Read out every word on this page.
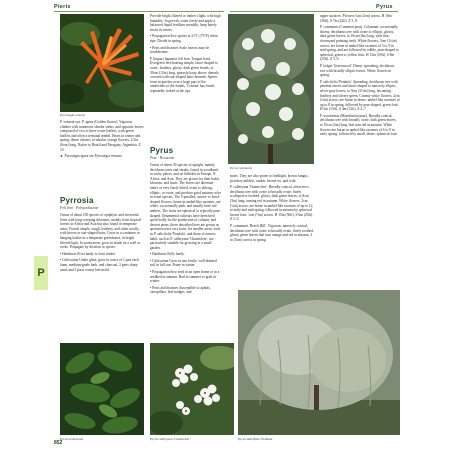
Pieris	Pyrus
P
Pyrostegia venusta

P. venusta syn. P. ignea (Golden flower). Vigorous climber with numerous slender stems, and opposite leaves composed of two to three ovate leaflets, with green leaflets and often a terminal tendril. Bears in winter and spring, dense clusters of tubular, orange flowers, 2.5in (6cm) long. Native to Brazil and Paraguay, Argentina. Z 10.

► Pyrostegia ignea see Pyrostegia venusta

Pyrrosia
Felt fern · Polypodiaceae

Genus of about 100 species of epiphytic and terrestrial ferns with long-creeping rhizomes, mainly from tropical forests in Africa and Asia but also found in temperate areas. Fronds simple, tough, leathery, and often woolly, with brown or star-shaped hairs. Grow in a container or hanging basket in a temperate greenhouse, in bright filtered light. In warm areas, grow in shade on a wall or rocks. Propagate by division or spores.

• Hardiness Frost hardy to frost tender.

• Cultivation Under glass, grow in a mix of 1 part each loam, medium-grade bark, and charcoal, 2 parts sharp sand, and 3 parts coarse leaf mold.

Pyrus ussuriensis

Provide bright filtered or indirect light, with high humidity. In growth, water freely and apply a balanced liquid fertilizer monthly; keep barely moist in winter.

• Propagation Sow spores at 21°C (70°F) when ripe. Divide in spring.

• Pests and diseases Scale insects may be troublesome.

P. lingua (Japanese felt fern, Tongue fern). Evergreen fern bearing simple, lance-shaped to ovate, leathery, glossy, dark green fronds, to 30cm (12in) long, sparsely hairy above, densely covered with star-shaped hairs beneath. Spores form in patches over a large part of the undersides of the fronds. 'Cristata' has fronds repeatedly forked at the tips.

Pyrus
Pear · Rosaceae

Genus of about 30 species of upright, mainly deciduous trees and shrubs, found in woodland, in rocky places, and on hillsides in Europe, N. Africa, and Asia. They are grown for their habit, blossom, and fruits. The leaves are alternate, entire or very finely lobed, ovate to oblong, elliptic, or ovate, and produce good autumn color in some species. The 5-petalled, saucer- to bowl-shaped flowers, borne in umbel-like racemes, are white, occasionally pink, and usually have red anthers. The fruits are spherical to typically pear-shaped. Ornamental cultivars have been bred specifically for the production of culinary and dessert pears; those described here are grown as specimen trees on a lawn, for smaller areas, such as P. salicifolia 'Pendula', and those of narrow habit, such as P. calleryana 'Chanticleer', are particularly suitable for growing in a small garden.

• Hardiness Fully hardy.

• Cultivation Grow in any fertile, well-drained soil in full sun. Prune in winter.

• Propagation Sow seed in an open frame or in a seedbed in autumn. Bud in summer or graft in winter.

• Pests and diseases Susceptible to aphids, caterpillars, leaf midges, and

Pyrus calleryana 'Chanticleer'
Pyrus communis

mites. They are also prone to fireblight, brown fungus, powdery mildew, canker, brown rot, and scab.

P. calleryana 'Chanticleer'. Broadly conical, often erect, deciduous tree with ovate to broadly ovate, finely scalloped or toothed, glossy, dark green leaves, to 8cm (3in) long, turning red in autumn. White flowers, 2cm (¾in) across, are borne in umbel-like racemes of up to 12, in early and mid-spring, followed in autumn by spherical brown fruit, 1cm (½in) across. H 15m (50ft), S 6m (20ft). Z 5–9.

P. communis 'Beech Hill'. Vigorous, narrowly conical, deciduous tree with ovate to broadly ovate, finely toothed, glossy green leaves that turn orange and red in autumn. 2 in (5cm) across in spring.

upper surfaces. Flowers ¾in (2cm) across. H 10m (30ft), S 7m (22ft). Z 5–9.

P. communis (Common pear). Columnar, occasionally thorny, deciduous tree with ovate to elliptic, glossy, dark green leaves, to 10cm (4in) long, with fine, downward pointing teeth. White flowers, 3cm (1¼in) across, are borne in umbel-like racemes of 5 to 9 in mid-spring, and are followed by edible, pear-shaped to spherical, green to yellow fruit. H 15m (50ft), S 8m (25ft). Z 5–9.

P. lodgei 'Greenwood'. Dense, spreading, deciduous tree with broadly elliptic leaves. White flowers in spring.

P. salicifolia 'Pendula'. Spreading, deciduous tree with pendent shoots and lance-shaped to narrowly elliptic, silver-gray leaves, to 9cm (3½in) long, becoming leathery and silvery-green. Creamy-white flowers, 2cm (¾in) across, are borne in dense, umbel-like racemes of up to 8 in spring, followed by pear-shaped, green fruit. H 5m (15ft), S 4m (12ft). Z 4–7.

P. ussuriensis (Manchurian pear). Broadly conical, deciduous tree with broadly ovate, dark green leaves, to 10cm (4in) long, that turn red in autumn. White flowers are borne in umbel-like racemes of 6 to 9 in early spring, followed by small, dense, spherical fruit.

Pyrus salicifolia 'Pendula'
852
